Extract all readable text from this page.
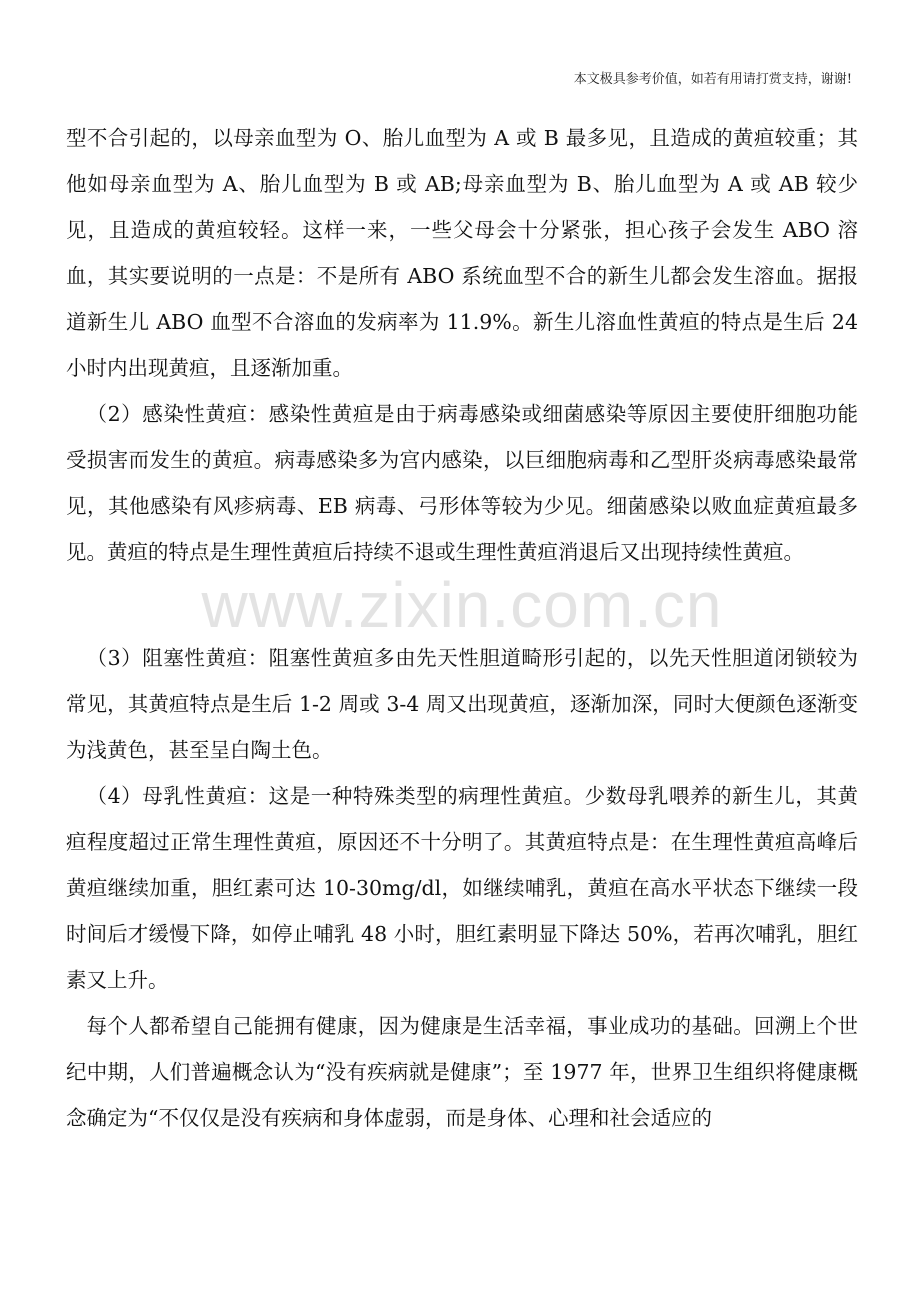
本文极具参考价值，如若有用请打赏支持，谢谢!

型不合引起的，以母亲血型为 O、胎儿血型为 A 或 B 最多见，且造成的黄疸较重；其他如母亲血型为 A、胎儿血型为 B 或 AB;母亲血型为 B、胎儿血型为 A 或 AB 较少见，且造成的黄疸较轻。这样一来，一些父母会十分紧张，担心孩子会发生 ABO 溶血，其实要说明的一点是：不是所有 ABO 系统血型不合的新生儿都会发生溶血。据报道新生儿 ABO 血型不合溶血的发病率为 11.9%。新生儿溶血性黄疸的特点是生后 24 小时内出现黄疸，且逐渐加重。

（2）感染性黄疸：感染性黄疸是由于病毒感染或细菌感染等原因主要使肝细胞功能受损害而发生的黄疸。病毒感染多为宫内感染，以巨细胞病毒和乙型肝炎病毒感染最常见，其他感染有风疹病毒、EB 病毒、弓形体等较为少见。细菌感染以败血症黄疸最多见。黄疸的特点是生理性黄疸后持续不退或生理性黄疸消退后又出现持续性黄疸。

www.zixin.com.cn

（3）阻塞性黄疸：阻塞性黄疸多由先天性胆道畸形引起的，以先天性胆道闭锁较为常见，其黄疸特点是生后 1-2 周或 3-4 周又出现黄疸，逐渐加深，同时大便颜色逐渐变为浅黄色，甚至呈白陶土色。

（4）母乳性黄疸：这是一种特殊类型的病理性黄疸。少数母乳喂养的新生儿，其黄疸程度超过正常生理性黄疸，原因还不十分明了。其黄疸特点是：在生理性黄疸高峰后黄疸继续加重，胆红素可达 10-30mg/dl，如继续哺乳，黄疸在高水平状态下继续一段时间后才缓慢下降，如停止哺乳 48 小时，胆红素明显下降达 50%，若再次哺乳，胆红素又上升。

每个人都希望自己能拥有健康，因为健康是生活幸福，事业成功的基础。回溯上个世纪中期，人们普遍概念认为“没有疾病就是健康”；至 1977 年，世界卫生组织将健康概念确定为“不仅仅是没有疾病和身体虚弱，而是身体、心理和社会适应的
